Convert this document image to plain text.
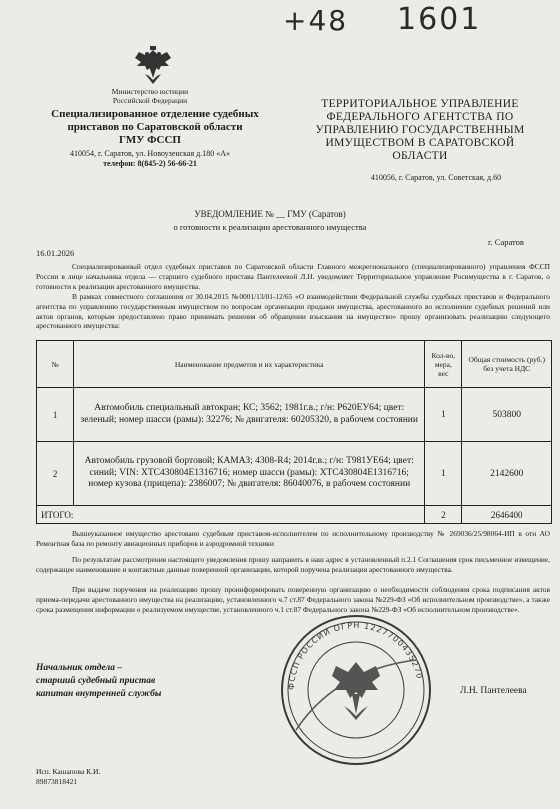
+48 1601
Министерство юстиции
Российской Федерации
Специализированное отделение судебных приставов по Саратовской области
ГМУ ФССП
410054, г. Саратов, ул. Новоузенская д.180 «А»
телефон: 8(845-2) 56-66-21
ТЕРРИТОРИАЛЬНОЕ УПРАВЛЕНИЕ ФЕДЕРАЛЬНОГО АГЕНТСТВА ПО УПРАВЛЕНИЮ ГОСУДАРСТВЕННЫМ ИМУЩЕСТВОМ В САРАТОВСКОЙ ОБЛАСТИ
410056, г. Саратов, ул. Советская, д.60
УВЕДОМЛЕНИЕ № __ ГМУ (Саратов)
о готовности к реализации арестованного имущества
16.01.2026
г. Саратов
Специализированный отдел судебных приставов по Саратовской области Главного межрегионального (специализированного) управления ФССП России в лице начальника отдела — старшего судебного пристава Пантелеевой Л.Н. уведомляет Территориальное управление Росимущества в г. Саратов, о готовности к реализации арестованного имущества.
В рамках совместного соглашения от 30.04.2015 №0001/13/01-12/65 «О взаимодействии Федеральной службы судебных приставов и Федерального агентства по управлению государственным имуществом по вопросам организации продажи имущества, арестованного во исполнение судебных решений или актов органов, которым предоставлено право принимать решения об обращении взыскания на имущество» прошу организовать реализацию следующего арестованного имущества:
№	Наименование предметов и их характеристика	Кол-во, мера, вес	Общая стоимость (руб.) без учета НДС
1	Автомобиль специальный автокран; КС; 3562; 1981г.в.; г/н: Р620ЕУ64; цвет: зеленый; номер шасси (рамы): 32276; № двигателя: 60205320, в рабочем состоянии	1	503800
2	Автомобиль грузовой бортовой; КАМАЗ; 4308-R4; 2014г.в.; г/н: Т981УЕ64; цвет: синий; VIN: XTC430804E1316716; номер шасси (рамы): XTC430804E1316716; номер кузова (прицепа): 2386007; № двигателя: 86040076, в рабочем состоянии	1	2142600
ИТОГО:		2	2646400
Вышеуказанное имущество арестовано судебным приставом-исполнителем по исполнительному производству № 269036/25/98064-ИП в отн АО Ремонтная база по ремонту авиационных приборов и аэродромной техники
По результатам рассмотрения настоящего уведомления прошу направить в наш адрес в установленный п.2.1 Соглашения срок письменное извещение, содержащее наименование и контактные данные поверенной организации, которой поручена реализация арестованного имущества.
При выдаче поручения на реализацию прошу проинформировать поверенную организацию о необходимости соблюдения срока подписания актов приема-передачи арестованного имущества на реализацию, установленного ч.7 ст.87 Федерального закона №229-ФЗ «Об исполнительном производстве», а также срока размещения информации о реализуемом имуществе, установленного ч.1 ст.87 Федерального закона №229-ФЗ «Об исполнительном производстве».
ФССП РОССИИ ОГРН 1227700435270
Начальник отдела –
старший судебный пристав
капитан внутренней службы	Л.Н. Пантелеева
Исп. Кашапова К.И.
89873818421
